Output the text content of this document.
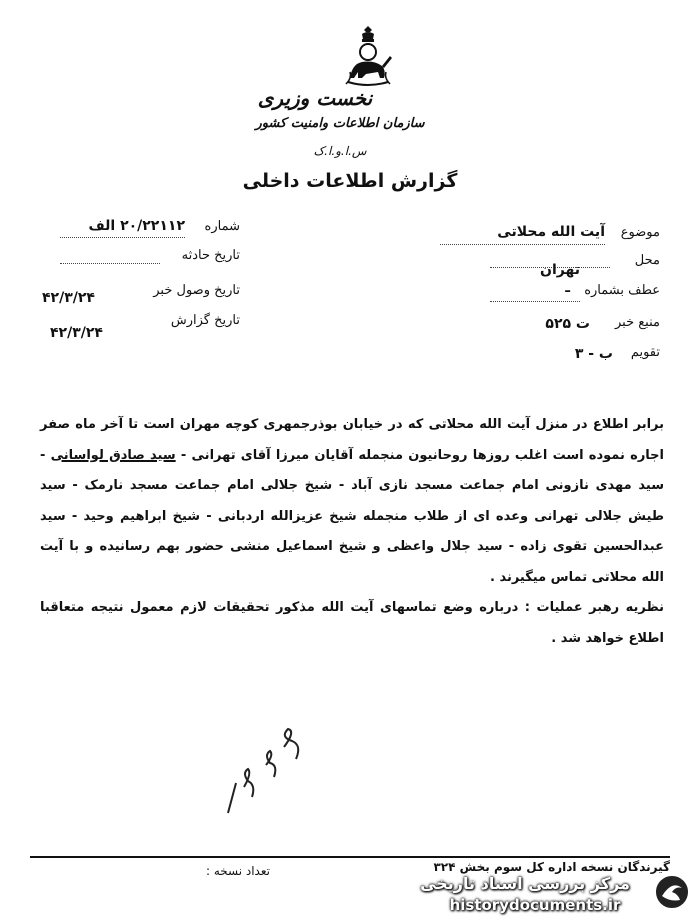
نخست وزیری
سازمان اطلاعات وامنیت کشور
س.ا.و.ا.ک
گزارش اطلاعات داخلی
شماره
۲۰/۲۲۱۱۲ الف
تاریخ حادثه
تاریخ وصول خبر
۴۲/۳/۲۴
تاریخ گزارش
۴۲/۳/۲۴
موضوع
آیت الله محلاتی
محل
تهران
عطف بشماره
ـ
منبع خبر
ت ۵۲۵
تقویم
ب - ۳

برابر اطلاع در منزل آیت الله محلاتی که در خیابان بوذرجمهری کوچه مهران است تا آخر ماه صفر اجاره نموده است اغلب روزها روحانیون منجمله آقایان میرزا آقای تهرانی - سید صادق لواسانی - سید مهدی نازونی امام جماعت مسجد نازی آباد - شیخ جلالی امام جماعت مسجد نارمک - سید طیش جلالی تهرانی وعده ای از طلاب منجمله شیخ عزیزالله اردبانی - شیخ ابراهیم وحید - سید عبدالحسین تقوی زاده - سید جلال واعظی و شیخ اسماعیل منشی حضور بهم رسانیده و با آیت الله محلاتی تماس میگیرند .

نظریه رهبر عملیات : درباره وضع تماسهای آیت الله مذکور تحقیقات لازم معمول نتیجه متعاقبا اطلاع خواهد شد .

گیرندگان نسخه اداره کل سوم بخش ۳۲۴
تعداد نسخه :
مرکز بررسی اسناد تاریخی
historydocuments.ir
